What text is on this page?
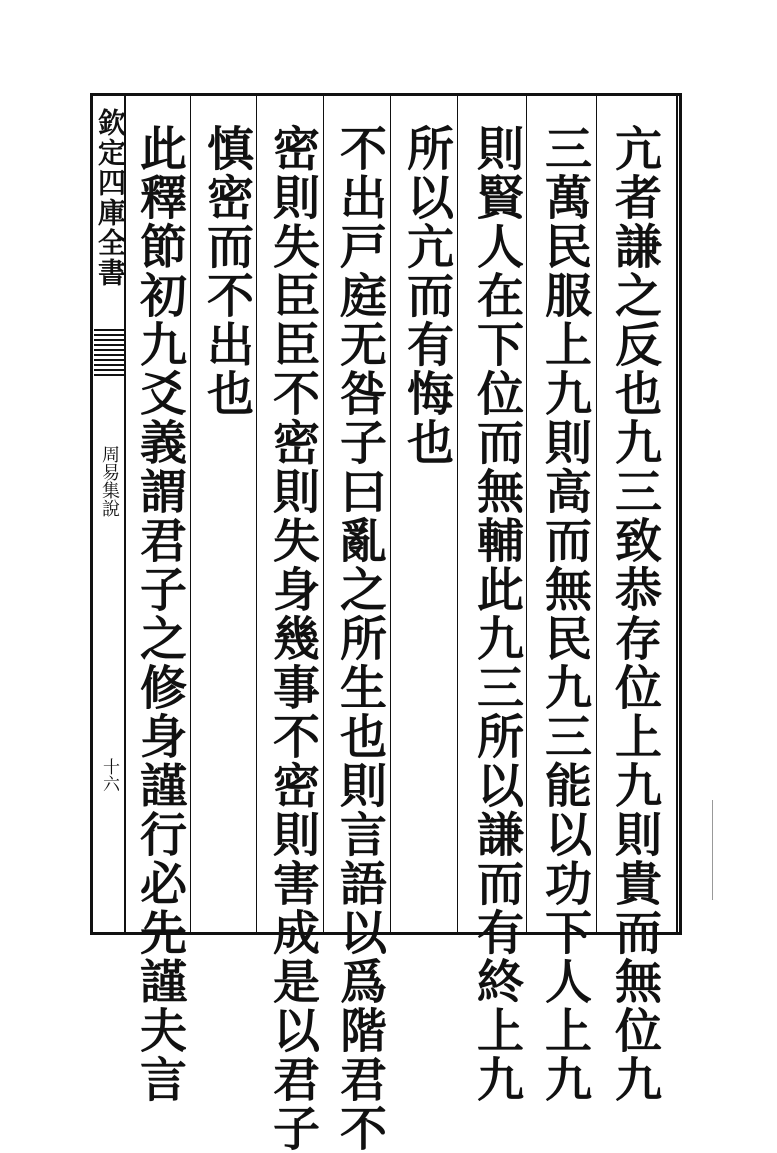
欽定四庫全書
周易集說
十六	亢者謙之反也九三致恭存位上九則貴而無位九
三萬民服上九則高而無民九三能以功下人上九
則賢人在下位而無輔此九三所以謙而有終上九
所以亢而有悔也
不出戸庭无咎子曰亂之所生也則言語以爲階君不
密則失臣臣不密則失身幾事不密則害成是以君子
慎密而不出也
此釋節初九爻義謂君子之修身謹行必先謹夫言
